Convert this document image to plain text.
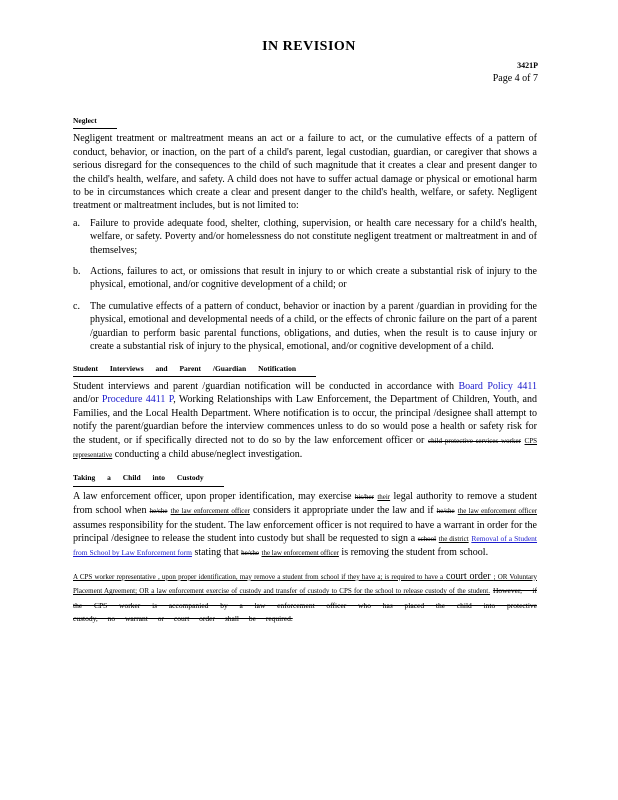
IN REVISION
3421P
Page 4 of 7
Neglect

Negligent treatment or maltreatment means an act or a failure to act, or the cumulative effects of a pattern of conduct, behavior, or inaction, on the part of a child's parent, legal custodian, guardian, or caregiver that shows a serious disregard for the consequences to the child of such magnitude that it creates a clear and present danger to the child's health, welfare, and safety. A child does not have to suffer actual damage or physical or emotional harm to be in circumstances which create a clear and present danger to the child's health, welfare, or safety. Negligent treatment or maltreatment includes, but is not limited to:

a. Failure to provide adequate food, shelter, clothing, supervision, or health care necessary for a child's health, welfare, or safety. Poverty and/or homelessness do not constitute negligent treatment or maltreatment in and of themselves;
b. Actions, failures to act, or omissions that result in injury to or which create a substantial risk of injury to the physical, emotional, and/or cognitive development of a child; or
c. The cumulative effects of a pattern of conduct, behavior or inaction by a parent /guardian in providing for the physical, emotional and developmental needs of a child, or the effects of chronic failure on the part of a parent /guardian to perform basic parental functions, obligations, and duties, when the result is to cause injury or create a substantial risk of injury to the physical, emotional, and/or cognitive development of a child.
Student Interviews and Parent /Guardian Notification

Student interviews and parent /guardian notification will be conducted in accordance with Board Policy 4411 and/or Procedure 4411 P, Working Relationships with Law Enforcement, the Department of Children, Youth, and Families, and the Local Health Department. Where notification is to occur, the principal /designee shall attempt to notify the parent/guardian before the interview commences unless to do so would pose a health or safety risk for the student, or if specifically directed not to do so by the law enforcement officer or child protective services worker CPS representative conducting a child abuse/neglect investigation.

Taking a Child into Custody

A law enforcement officer, upon proper identification, may exercise his/her their legal authority to remove a student from school when he/she the law enforcement officer considers it appropriate under the law and if he/she the law enforcement officer assumes responsibility for the student. The law enforcement officer is not required to have a warrant in order for the principal /designee to release the student into custody but shall be requested to sign a school the district Removal of a Student from School by Law Enforcement form stating that he/she the law enforcement officer is removing the student from school.

A CPS worker representative , upon proper identification, may remove a student from school if they have a; is required to have a court order ; OR Voluntary Placement Agreement; OR a law enforcement exercise of custody and transfer of custody to CPS for the school to release custody of the student. However, if the CPS worker is accompanied by a law enforcement officer who has placed the child into protective custody, no warrant or court order shall be required.
